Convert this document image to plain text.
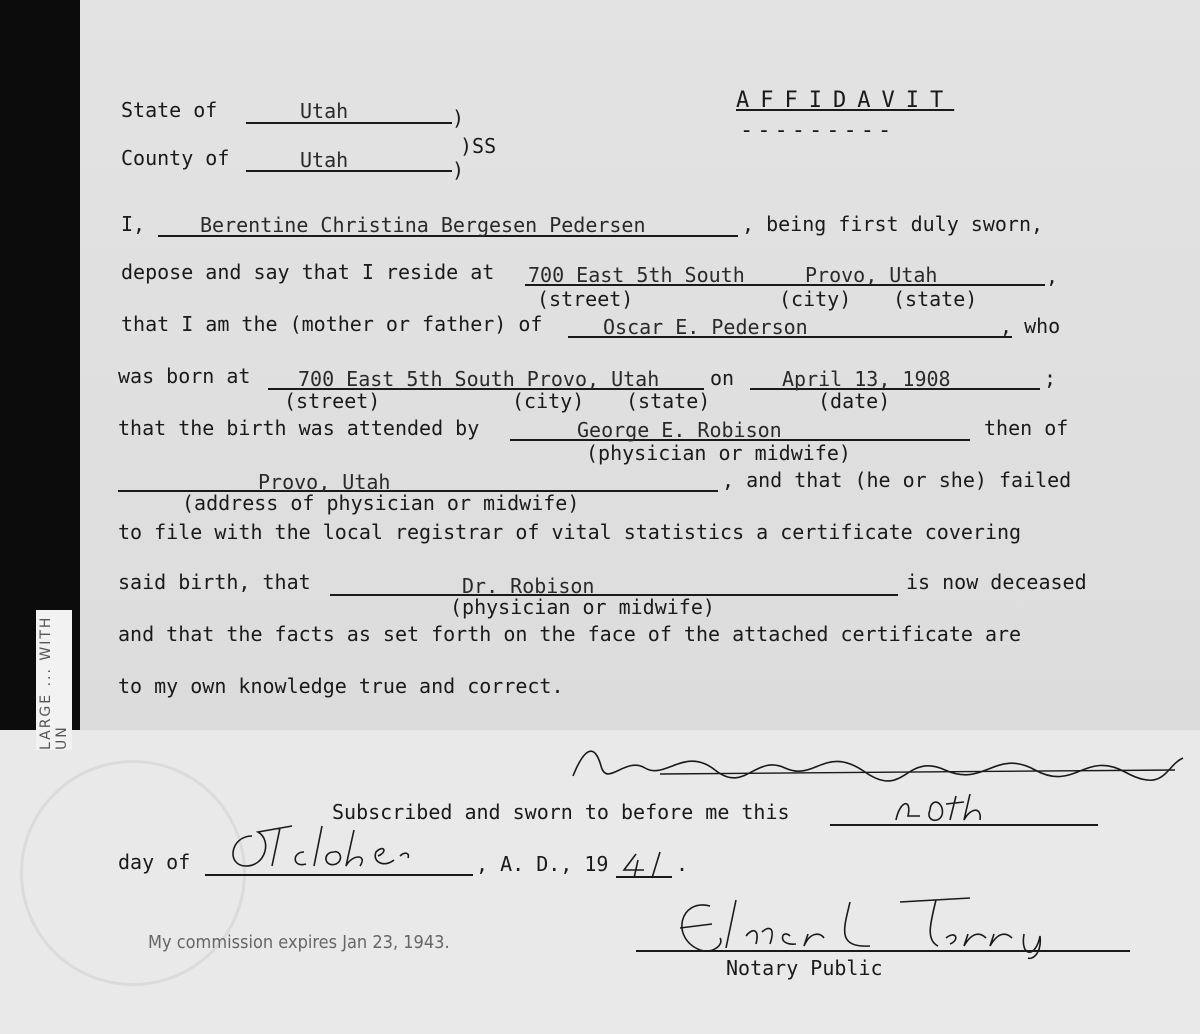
LARGE ... WITH UN
AFFIDAVIT
---------
State of	Utah	)
)SS
County of	Utah	)
I,	Berentine Christina Bergesen Pedersen	, being first duly sworn,
depose and say that I reside at 700 East 5th South	Provo, Utah	,
(street)	(city) (state)
that I am the (mother or father) of	Oscar E. Pederson	, who
was born at 700 East 5th South Provo, Utah	on April 13, 1908	;
(street)	(city) (state)	(date)
that the birth was attended by	George E. Robison	then of
(physician or midwife)
Provo, Utah	, and that (he or she) failed
(address of physician or midwife)
to file with the local registrar of vital statistics a certificate covering
said birth, that	Dr. Robison	is now deceased
(physician or midwife)
and that the facts as set forth on the face of the attached certificate are
to my own knowledge true and correct.
Subscribed and sworn to before me this
day of	, A. D., 19	.
My commission expires Jan 23, 1943.
Notary Public
